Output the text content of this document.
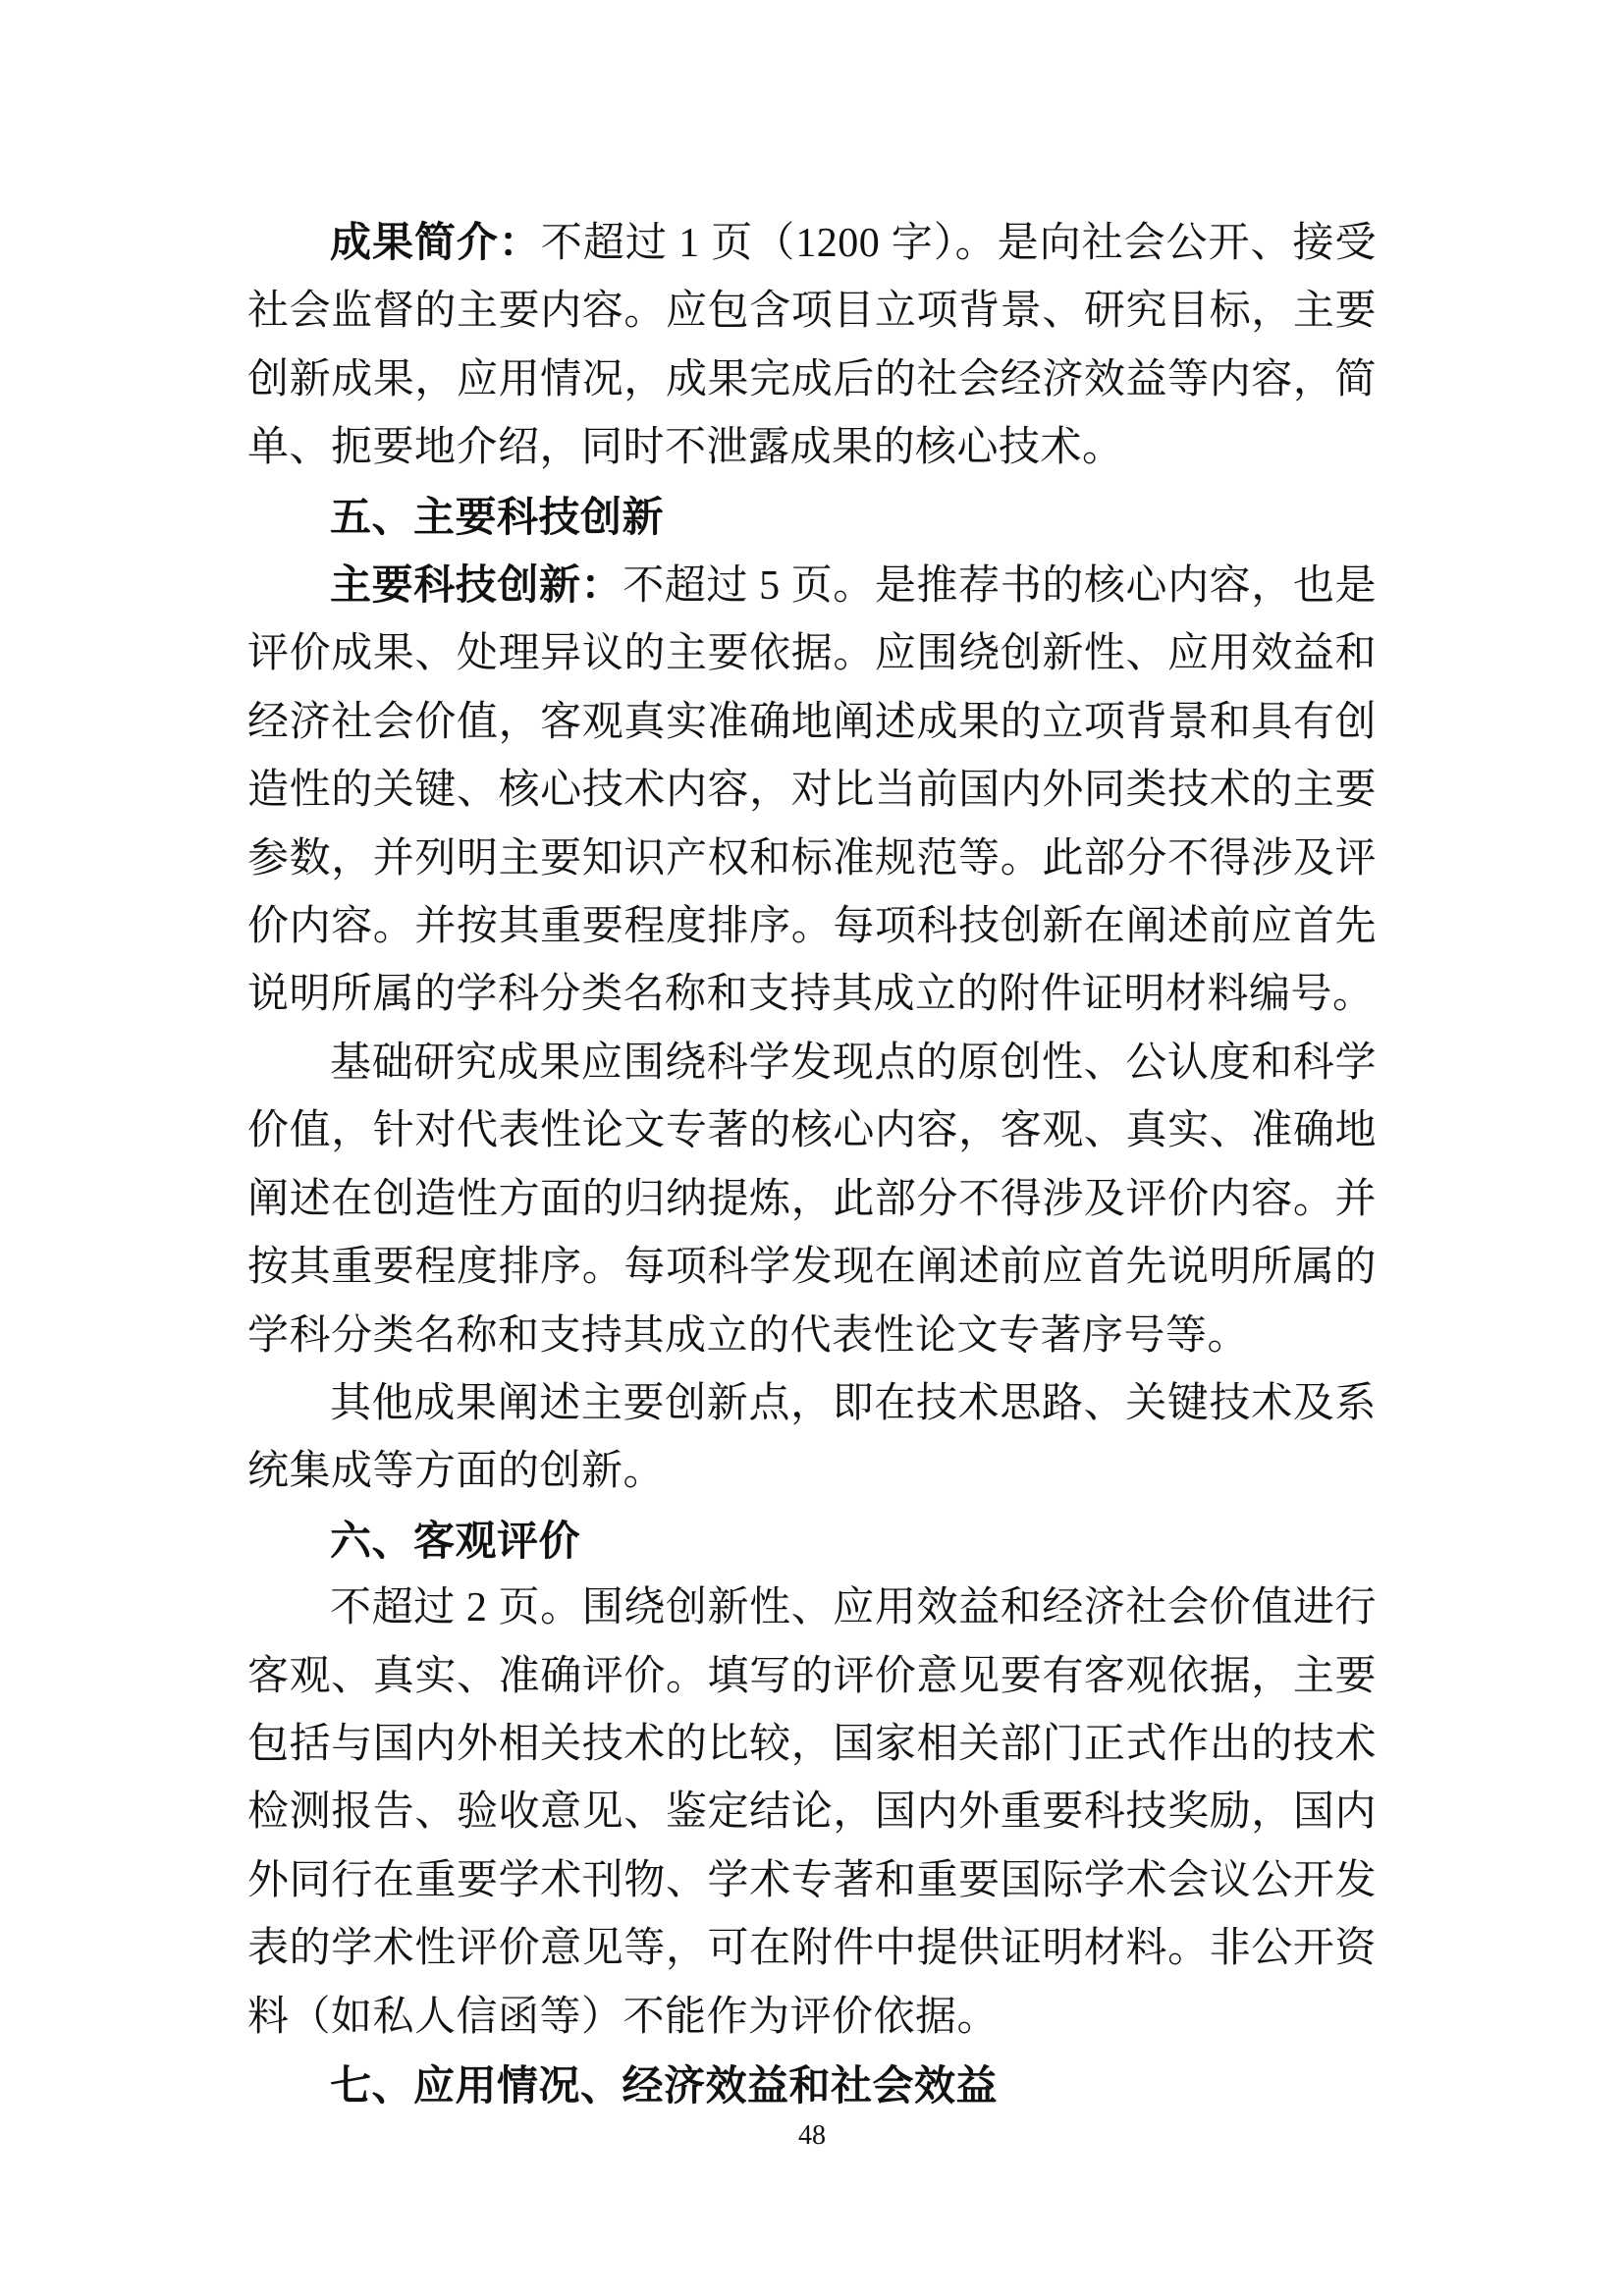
成果简介：不超过 1 页（1200 字）。是向社会公开、接受社会监督的主要内容。应包含项目立项背景、研究目标，主要创新成果，应用情况，成果完成后的社会经济效益等内容，简单、扼要地介绍，同时不泄露成果的核心技术。

五、主要科技创新

主要科技创新：不超过 5 页。是推荐书的核心内容，也是评价成果、处理异议的主要依据。应围绕创新性、应用效益和经济社会价值，客观真实准确地阐述成果的立项背景和具有创造性的关键、核心技术内容，对比当前国内外同类技术的主要参数，并列明主要知识产权和标准规范等。此部分不得涉及评价内容。并按其重要程度排序。每项科技创新在阐述前应首先说明所属的学科分类名称和支持其成立的附件证明材料编号。

基础研究成果应围绕科学发现点的原创性、公认度和科学价值，针对代表性论文专著的核心内容，客观、真实、准确地阐述在创造性方面的归纳提炼，此部分不得涉及评价内容。并按其重要程度排序。每项科学发现在阐述前应首先说明所属的学科分类名称和支持其成立的代表性论文专著序号等。

其他成果阐述主要创新点，即在技术思路、关键技术及系统集成等方面的创新。

六、客观评价

不超过 2 页。围绕创新性、应用效益和经济社会价值进行客观、真实、准确评价。填写的评价意见要有客观依据，主要包括与国内外相关技术的比较，国家相关部门正式作出的技术检测报告、验收意见、鉴定结论，国内外重要科技奖励，国内外同行在重要学术刊物、学术专著和重要国际学术会议公开发表的学术性评价意见等，可在附件中提供证明材料。非公开资料（如私人信函等）不能作为评价依据。

七、应用情况、经济效益和社会效益

48
